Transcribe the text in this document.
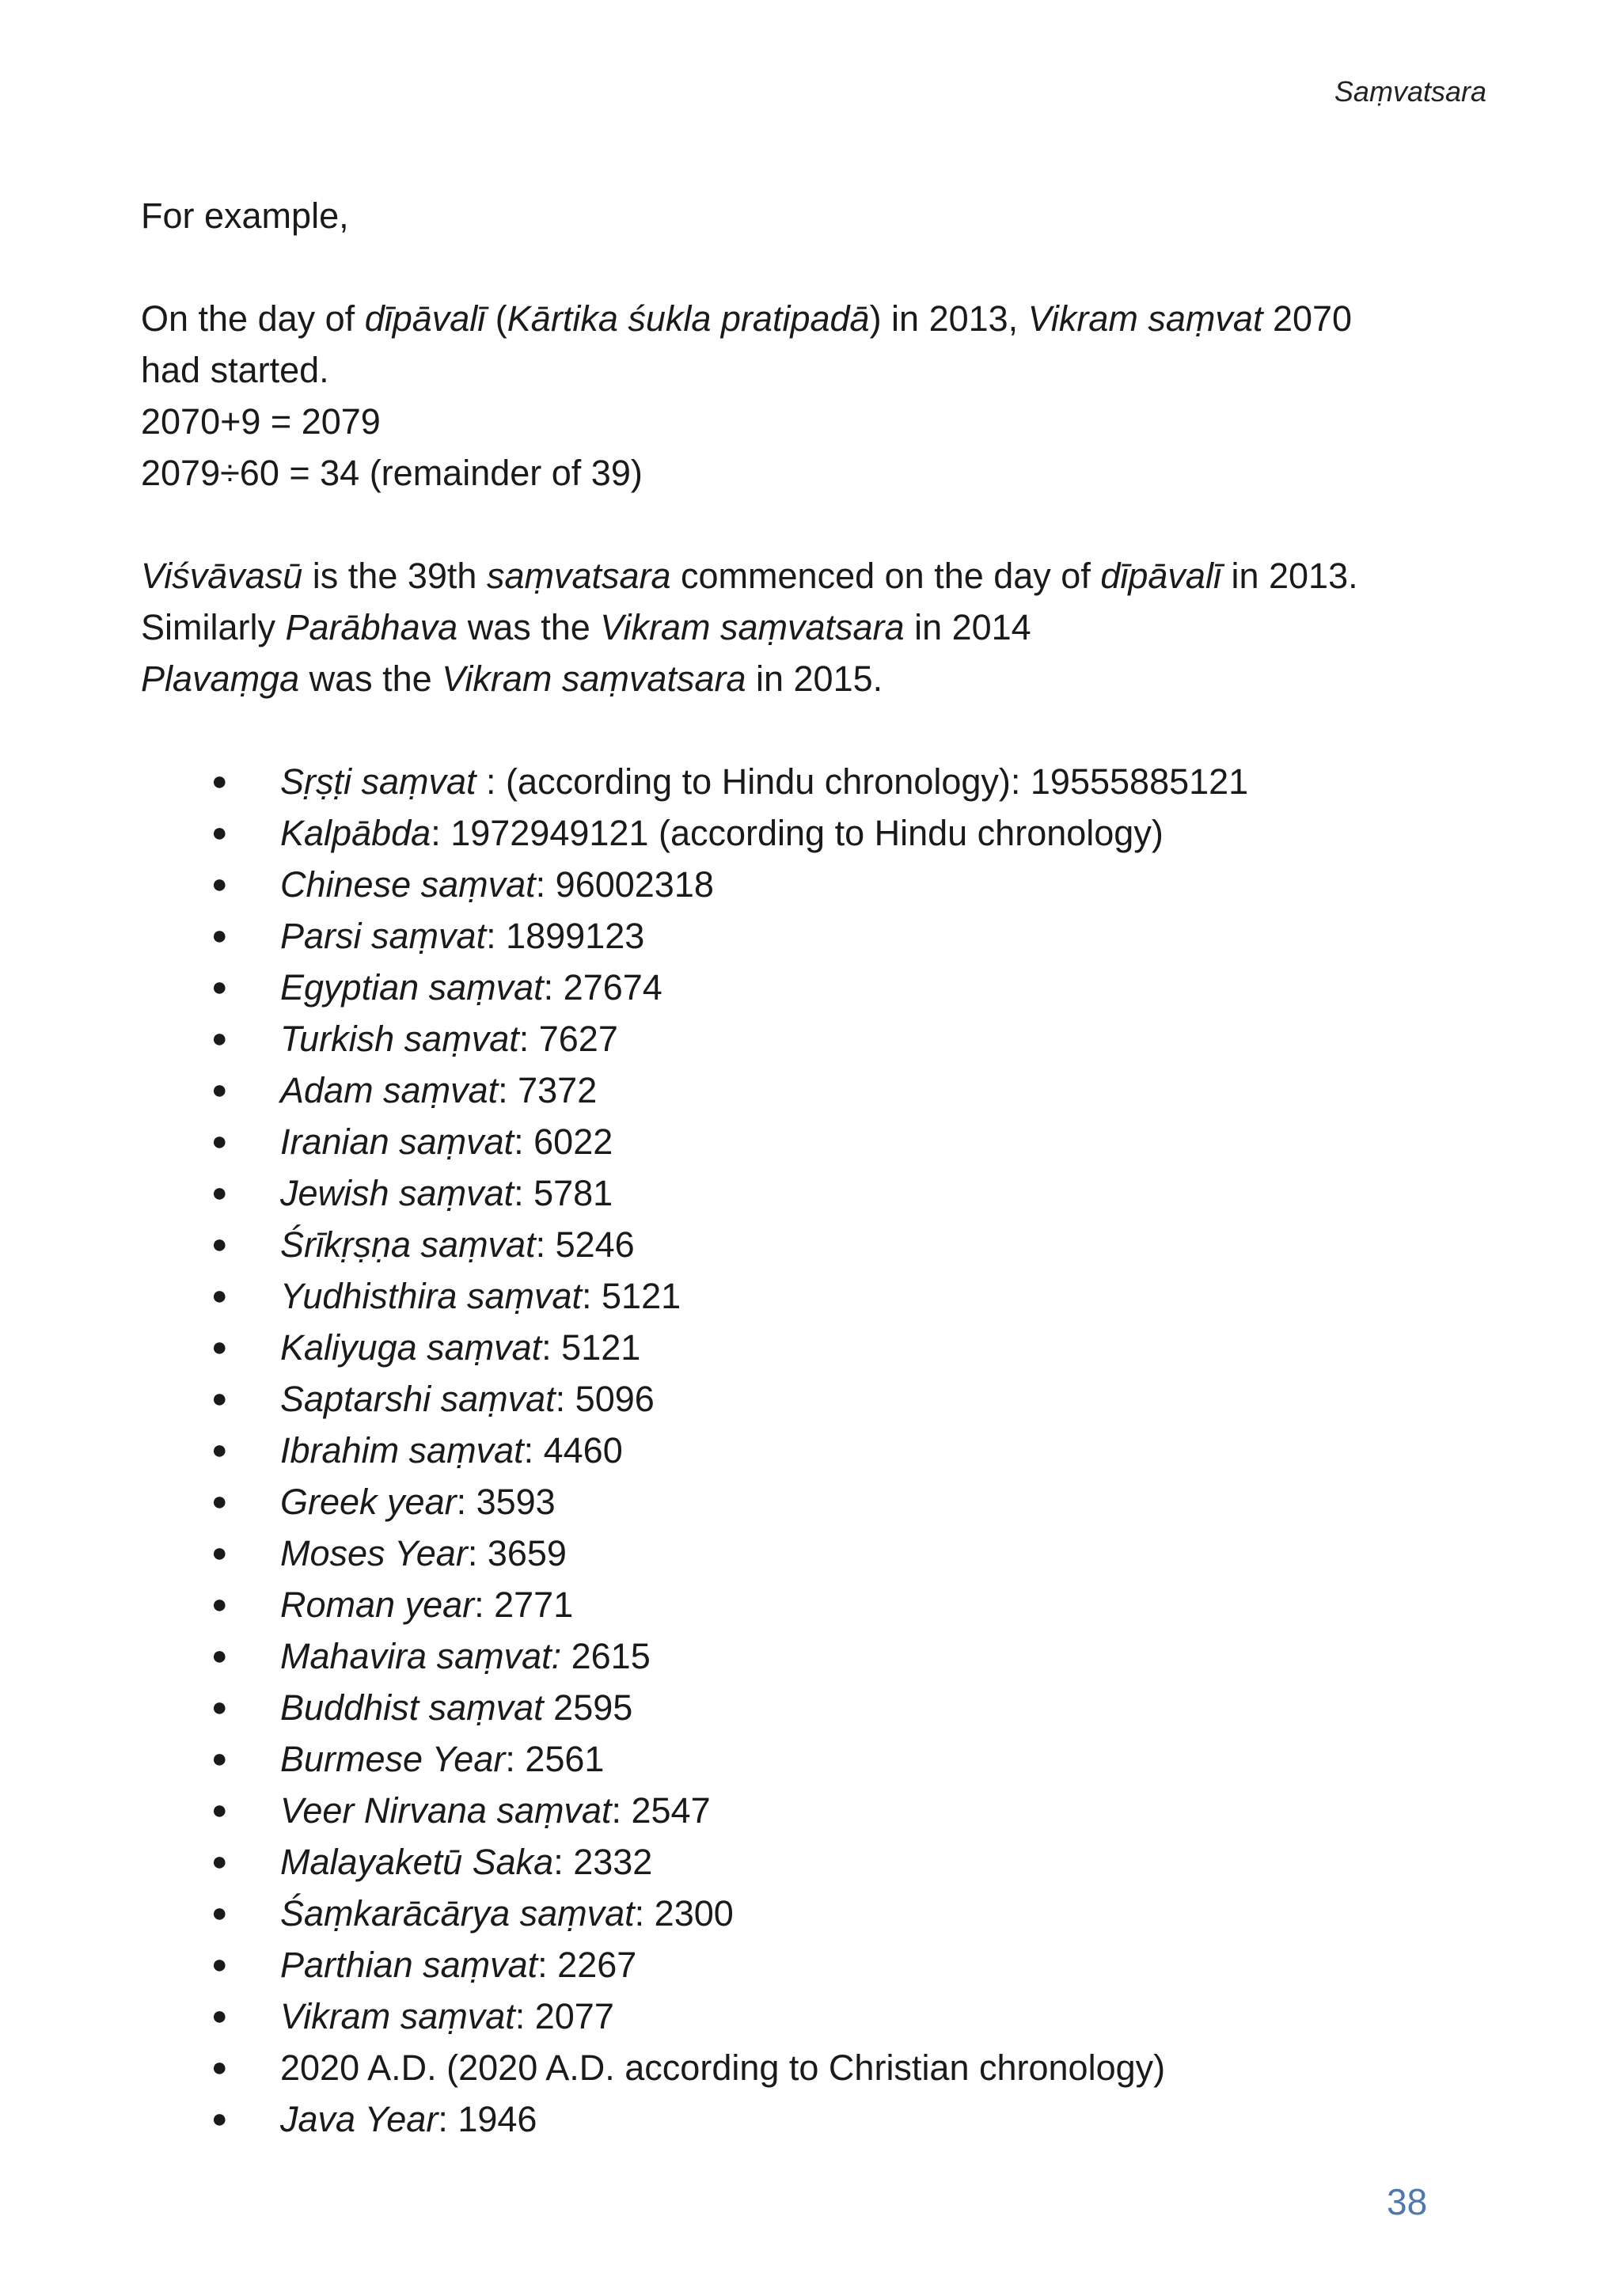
Saṃvatsara

For example,

On the day of dīpāvalī (Kārtika śukla pratipadā) in 2013, Vikram saṃvat 2070

had started.

2070+9 = 2079

2079÷60 = 34 (remainder of 39)

Viśvāvasū is the 39th saṃvatsara commenced on the day of dīpāvalī in 2013.

Similarly Parābhava was the Vikram saṃvatsara in 2014

Plavaṃga was the Vikram saṃvatsara in 2015.

● Sṛṣṭi saṃvat : (according to Hindu chronology): 19555885121
● Kalpābda: 1972949121 (according to Hindu chronology)
● Chinese saṃvat: 96002318
● Parsi saṃvat: 1899123
● Egyptian saṃvat: 27674
● Turkish saṃvat: 7627
● Adam saṃvat: 7372
● Iranian saṃvat: 6022
● Jewish saṃvat: 5781
● Śrīkṛṣṇa saṃvat: 5246
● Yudhisthira saṃvat: 5121
● Kaliyuga saṃvat: 5121
● Saptarshi saṃvat: 5096
● Ibrahim saṃvat: 4460
● Greek year: 3593
● Moses Year: 3659
● Roman year: 2771
● Mahavira saṃvat: 2615
● Buddhist saṃvat 2595
● Burmese Year: 2561
● Veer Nirvana saṃvat: 2547
● Malayaketū Saka: 2332
● Śaṃkarācārya saṃvat: 2300
● Parthian saṃvat: 2267
● Vikram saṃvat: 2077
● 2020 A.D. (2020 A.D. according to Christian chronology)
● Java Year: 1946
38
